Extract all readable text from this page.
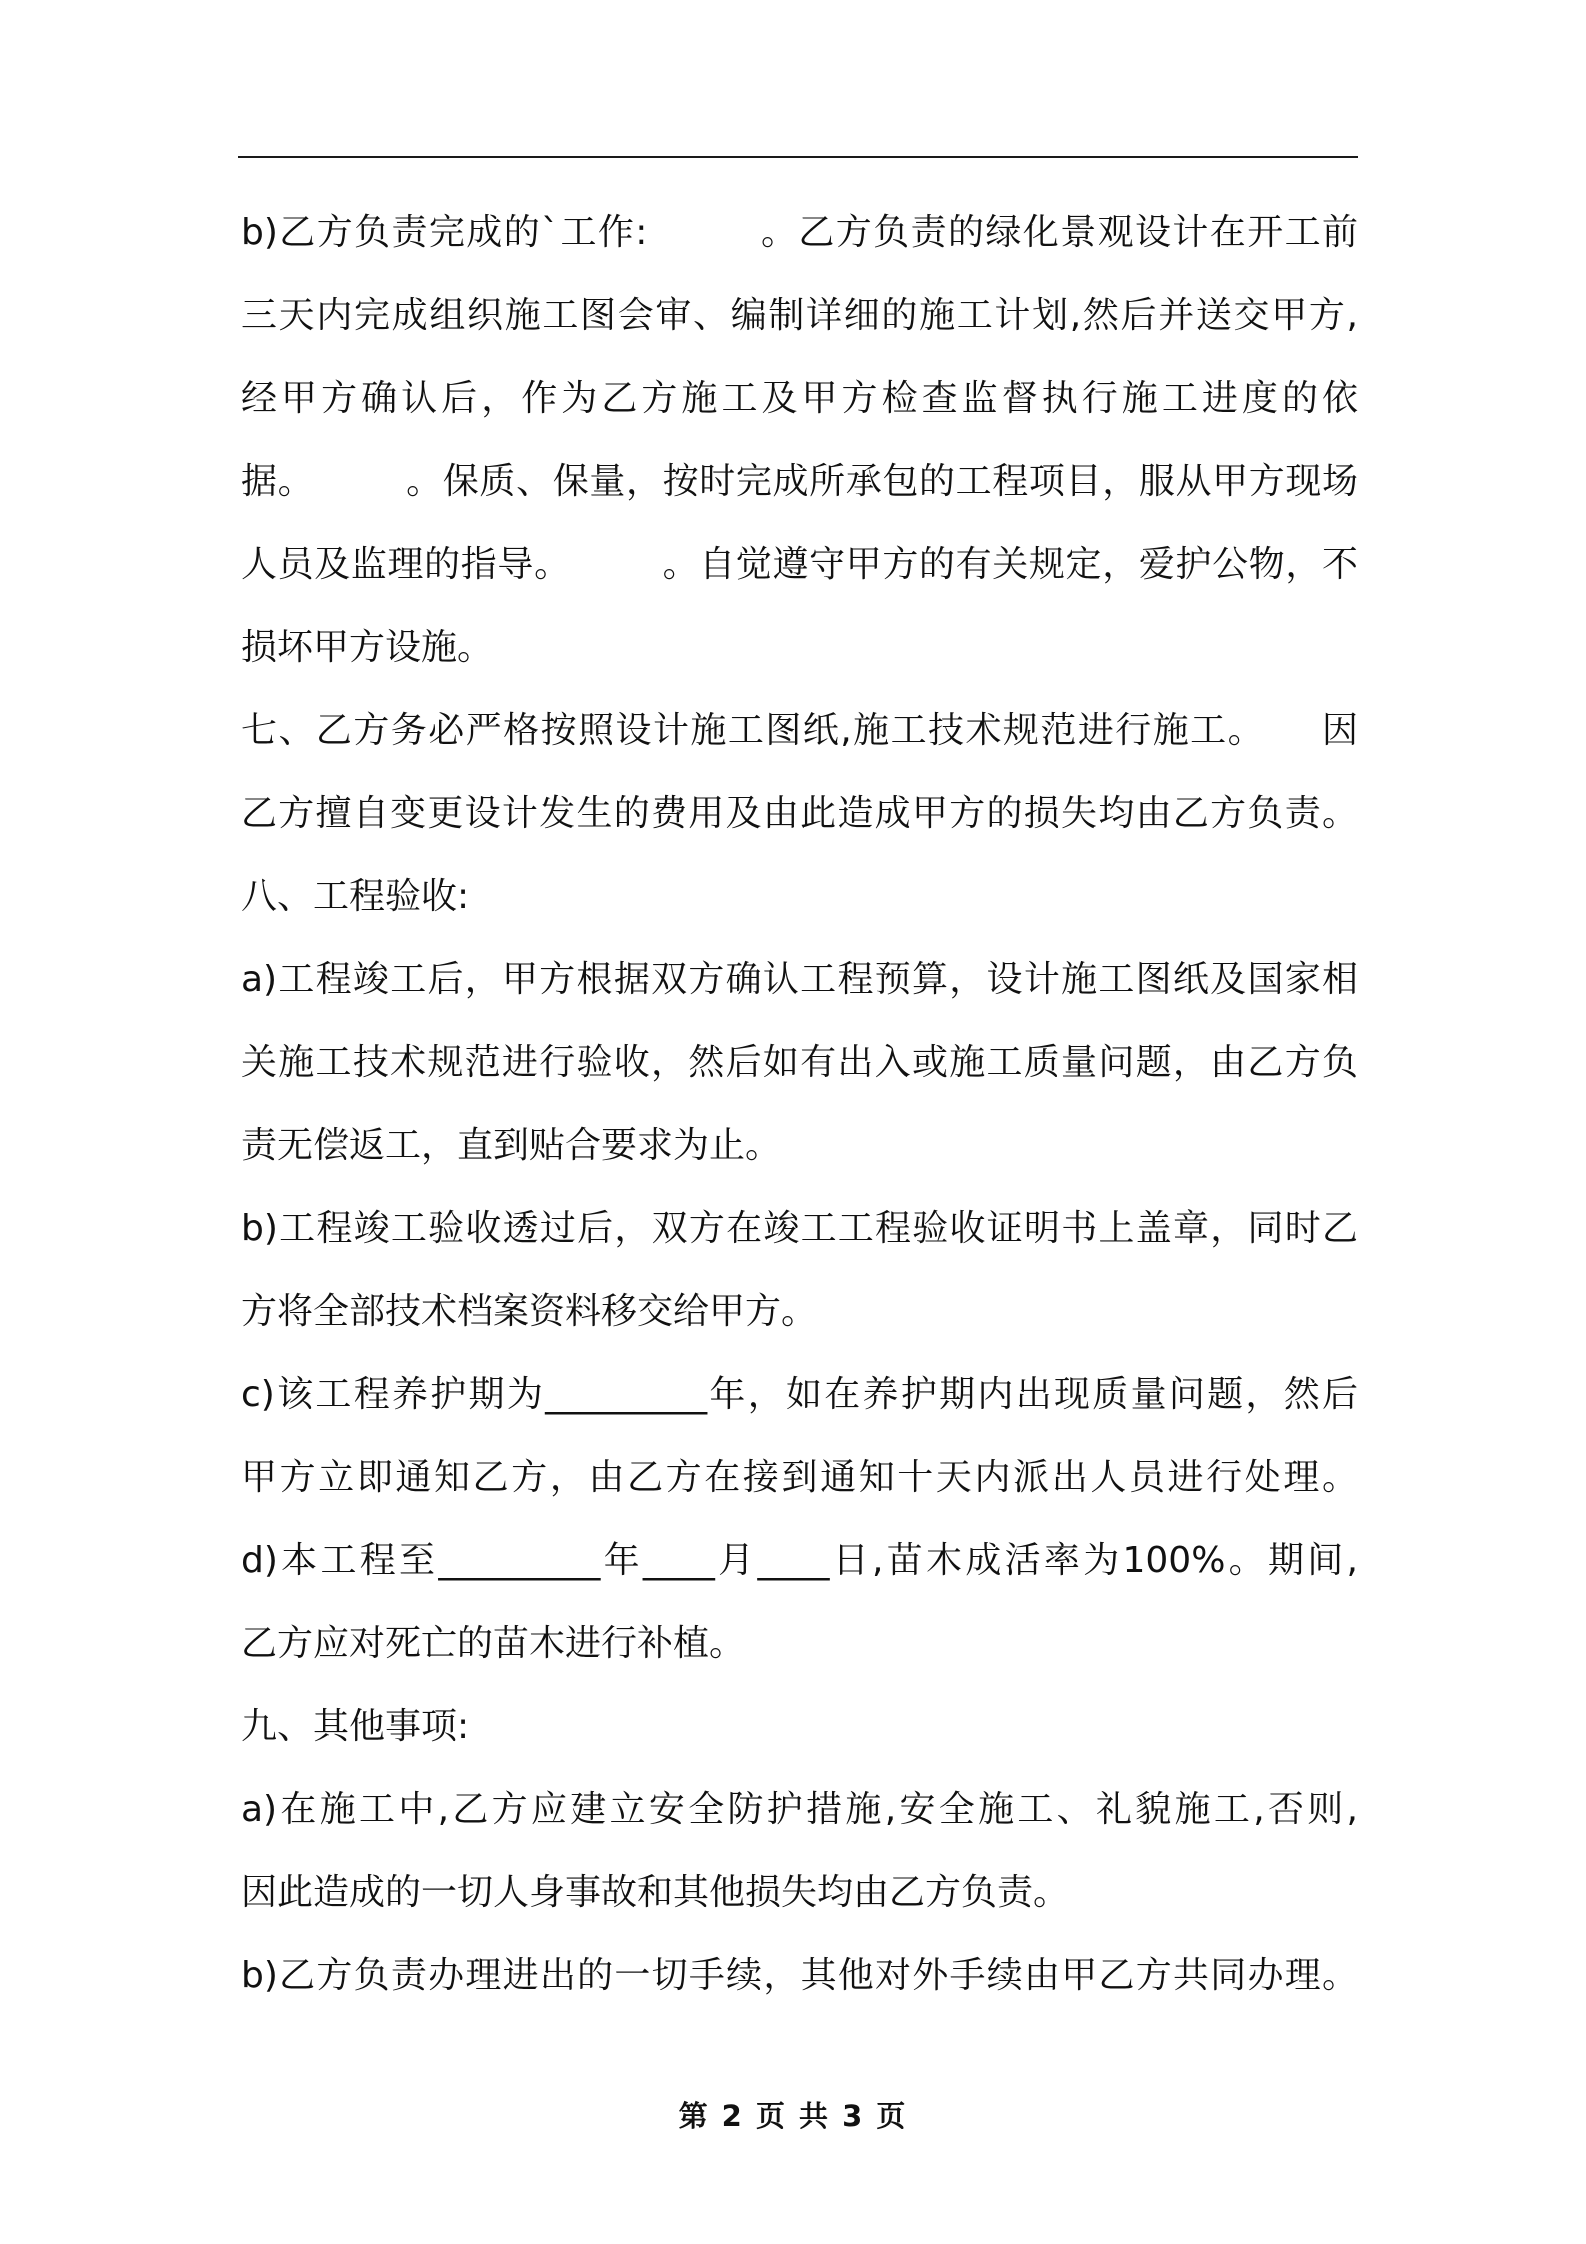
b)乙方负责完成的`工作:　　　。乙方负责的绿化景观设计在开工前
三天内完成组织施工图会审、编制详细的施工计划,然后并送交甲方,
经甲方确认后，作为乙方施工及甲方检查监督执行施工进度的依
据。　　　。保质、保量，按时完成所承包的工程项目，服从甲方现场
人员及监理的指导。　　　。自觉遵守甲方的有关规定，爱护公物，不
损坏甲方设施。
七、乙方务必严格按照设计施工图纸,施工技术规范进行施工。　　因
乙方擅自变更设计发生的费用及由此造成甲方的损失均由乙方负责。
八、工程验收:
a)工程竣工后，甲方根据双方确认工程预算，设计施工图纸及国家相
关施工技术规范进行验收，然后如有出入或施工质量问题，由乙方负
责无偿返工，直到贴合要求为止。
b)工程竣工验收透过后，双方在竣工工程验收证明书上盖章，同时乙
方将全部技术档案资料移交给甲方。
c)该工程养护期为_________年，如在养护期内出现质量问题，然后
甲方立即通知乙方，由乙方在接到通知十天内派出人员进行处理。
d)本工程至_________年____月____日,苗木成活率为100%。期间,
乙方应对死亡的苗木进行补植。
九、其他事项:
a)在施工中,乙方应建立安全防护措施,安全施工、礼貌施工,否则,
因此造成的一切人身事故和其他损失均由乙方负责。
b)乙方负责办理进出的一切手续，其他对外手续由甲乙方共同办理。
第 2 页 共 3 页
